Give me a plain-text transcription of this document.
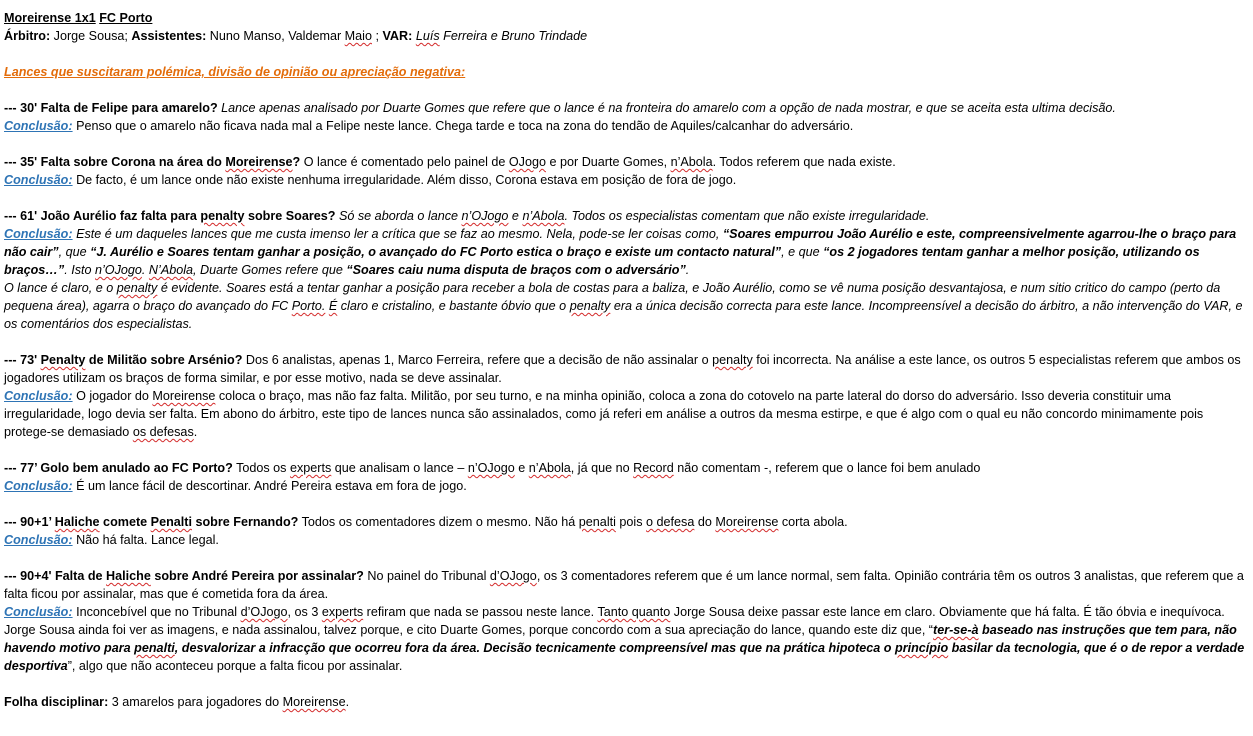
Moreirense 1x1 FC Porto

Árbitro: Jorge Sousa; Assistentes: Nuno Manso, Valdemar Maio ; VAR: Luís Ferreira e Bruno Trindade

Lances que suscitaram polémica, divisão de opinião ou apreciação negativa:

--- 30' Falta de Felipe para amarelo? Lance apenas analisado por Duarte Gomes que refere que o lance é na fronteira do amarelo com a opção de nada mostrar, e que se aceita esta ultima decisão.

Conclusão: Penso que o amarelo não ficava nada mal a Felipe neste lance. Chega tarde e toca na zona do tendão de Aquiles/calcanhar do adversário.

--- 35' Falta sobre Corona na área do Moreirense? O lance é comentado pelo painel de OJogo e por Duarte Gomes, n’Abola. Todos referem que nada existe.

Conclusão: De facto, é um lance onde não existe nenhuma irregularidade. Além disso, Corona estava em posição de fora de jogo.

--- 61' João Aurélio faz falta para penalty sobre Soares? Só se aborda o lance n’OJogo e n’Abola. Todos os especialistas comentam que não existe irregularidade.

Conclusão: Este é um daqueles lances que me custa imenso ler a crítica que se faz ao mesmo. Nela, pode-se ler coisas como, “Soares empurrou João Aurélio e este, compreensivelmente agarrou-lhe o braço para não cair”, que “J. Aurélio e Soares tentam ganhar a posição, o avançado do FC Porto estica o braço e existe um contacto natural”, e que “os 2 jogadores tentam ganhar a melhor posição, utilizando os braços…”. Isto n’OJogo. N’Abola, Duarte Gomes refere que “Soares caiu numa disputa de braços com o adversário”.

O lance é claro, e o penalty é evidente. Soares está a tentar ganhar a posição para receber a bola de costas para a baliza, e João Aurélio, como se vê numa posição desvantajosa, e num sitio critico do campo (perto da pequena área), agarra o braço do avançado do FC Porto. É claro e cristalino, e bastante óbvio que o penalty era a única decisão correcta para este lance. Incompreensível a decisão do árbitro, a não intervenção do VAR, e os comentários dos especialistas.

--- 73' Penalty de Militão sobre Arsénio? Dos 6 analistas, apenas 1, Marco Ferreira, refere que a decisão de não assinalar o penalty foi incorrecta. Na análise a este lance, os outros 5 especialistas referem que ambos os jogadores utilizam os braços de forma similar, e por esse motivo, nada se deve assinalar.

Conclusão: O jogador do Moreirense coloca o braço, mas não faz falta. Militão, por seu turno, e na minha opinião, coloca a zona do cotovelo na parte lateral do dorso do adversário. Isso deveria constituir uma irregularidade, logo devia ser falta. Em abono do árbitro, este tipo de lances nunca são assinalados, como já referi em análise a outros da mesma estirpe, e que é algo com o qual eu não concordo minimamente pois protege-se demasiado os defesas.

--- 77’ Golo bem anulado ao FC Porto? Todos os experts que analisam o lance – n’OJogo e n’Abola, já que no Record não comentam -, referem que o lance foi bem anulado

Conclusão: É um lance fácil de descortinar. André Pereira estava em fora de jogo.

--- 90+1’ Haliche comete Penalti sobre Fernando? Todos os comentadores dizem o mesmo. Não há penalti pois o defesa do Moreirense corta abola.

Conclusão: Não há falta. Lance legal.

--- 90+4' Falta de Haliche sobre André Pereira por assinalar? No painel do Tribunal d’OJogo, os 3 comentadores referem que é um lance normal, sem falta. Opinião contrária têm os outros 3 analistas, que referem que a falta ficou por assinalar, mas que é cometida fora da área.

Conclusão: Inconcebível que no Tribunal d’OJogo, os 3 experts refiram que nada se passou neste lance. Tanto quanto Jorge Sousa deixe passar este lance em claro. Obviamente que há falta. É tão óbvia e inequívoca. Jorge Sousa ainda foi ver as imagens, e nada assinalou, talvez porque, e cito Duarte Gomes, porque concordo com a sua apreciação do lance, quando este diz que, “ter-se-à baseado nas instruções que tem para, não havendo motivo para penalti, desvalorizar a infracção que ocorreu fora da área. Decisão tecnicamente compreensível mas que na prática hipoteca o princípio basilar da tecnologia, que é o de repor a verdade desportiva”, algo que não aconteceu porque a falta ficou por assinalar.

Folha disciplinar: 3 amarelos para jogadores do Moreirense.
